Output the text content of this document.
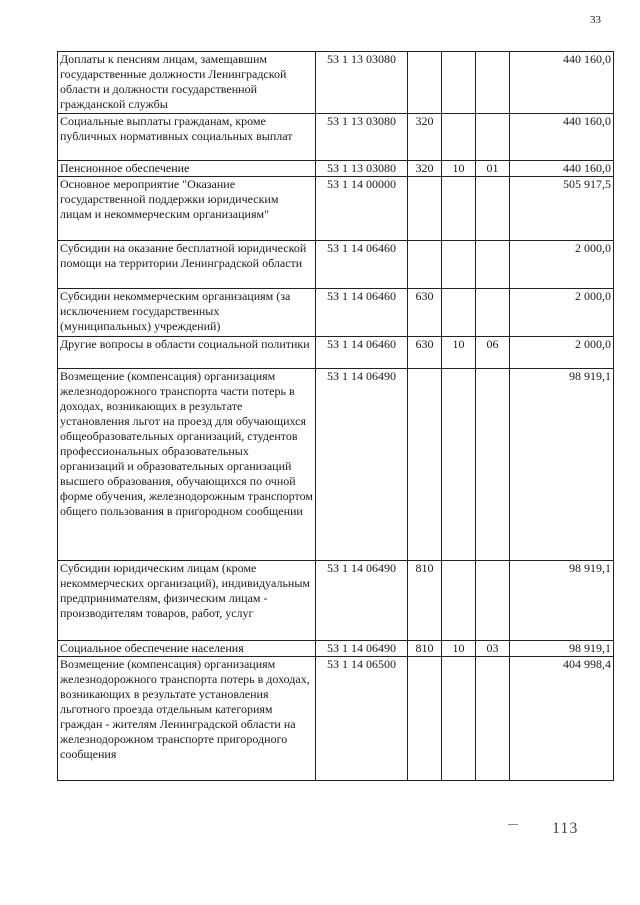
33
Доплаты к пенсиям лицам, замещавшим государственные должности Ленинградской области и должности государственной гражданской службы	53 1 13 03080				440 160,0
Социальные выплаты гражданам, кроме публичных нормативных социальных выплат	53 1 13 03080	320			440 160,0
Пенсионное обеспечение	53 1 13 03080	320	10	01	440 160,0
Основное мероприятие "Оказание государственной поддержки юридическим лицам и некоммерческим организациям"	53 1 14 00000				505 917,5
Субсидии на оказание бесплатной юридической помощи на территории Ленинградской области	53 1 14 06460				2 000,0
Субсидии некоммерческим организациям (за исключением государственных (муниципальных) учреждений)	53 1 14 06460	630			2 000,0
Другие вопросы в области социальной политики	53 1 14 06460	630	10	06	2 000,0
Возмещение (компенсация) организациям железнодорожного транспорта части потерь в доходах, возникающих в результате установления льгот на проезд для обучающихся общеобразовательных организаций, студентов профессиональных образовательных организаций и образовательных организаций высшего образования, обучающихся по очной форме обучения, железнодорожным транспортом общего пользования в пригородном сообщении	53 1 14 06490				98 919,1
Субсидии юридическим лицам (кроме некоммерческих организаций), индивидуальным предпринимателям, физическим лицам - производителям товаров, работ, услуг	53 1 14 06490	810			98 919,1
Социальное обеспечение населения	53 1 14 06490	810	10	03	98 919,1
Возмещение (компенсация) организациям железнодорожного транспорта потерь в доходах, возникающих в результате установления льготного проезда отдельным категориям граждан - жителям Ленинградской области на железнодорожном транспорте пригородного сообщения	53 1 14 06500				404 998,4
113
